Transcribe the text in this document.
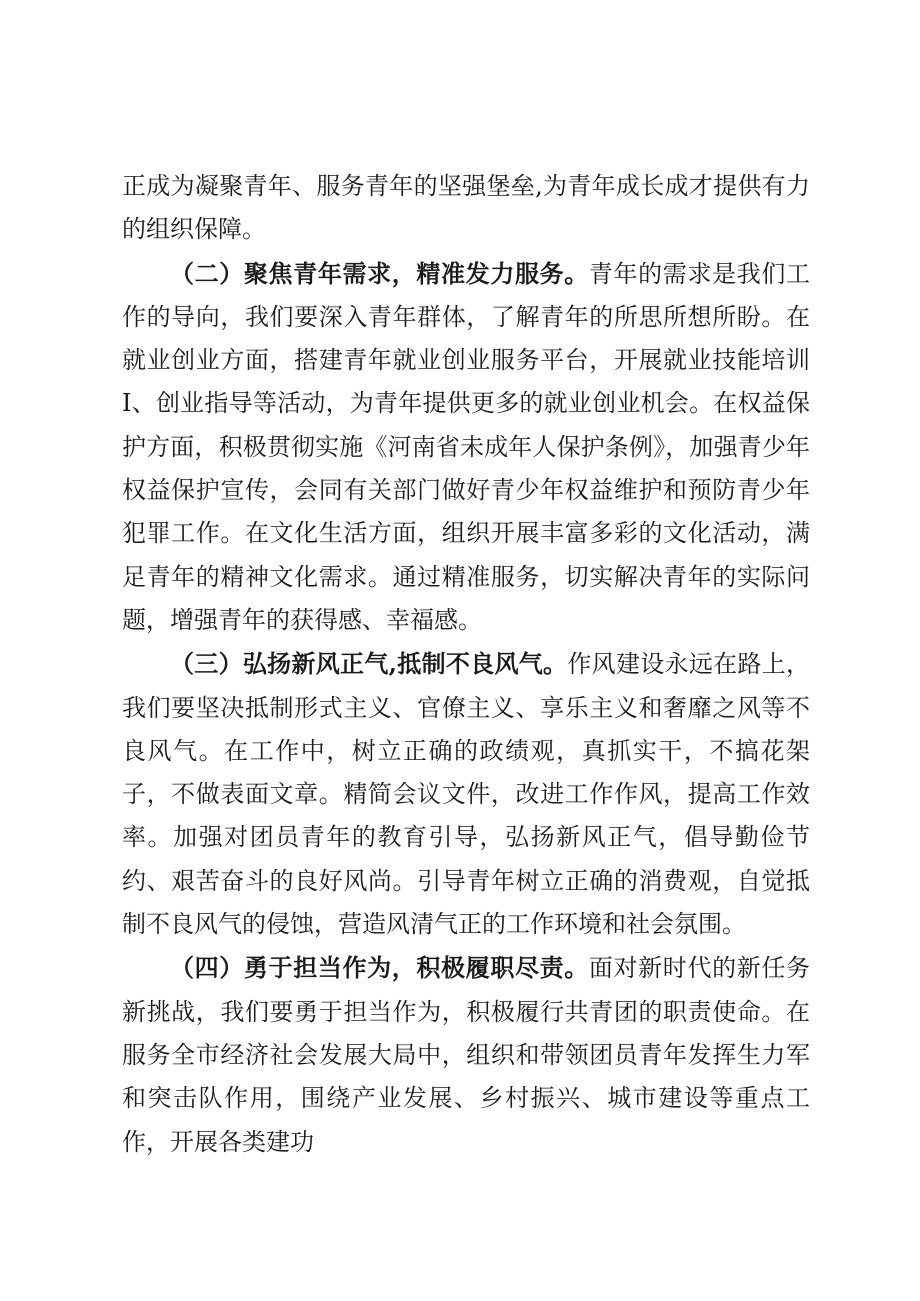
正成为凝聚青年、服务青年的坚强堡垒,为青年成长成才提供有力的组织保障。

（二）聚焦青年需求，精准发力服务。青年的需求是我们工作的导向，我们要深入青年群体，了解青年的所思所想所盼。在就业创业方面，搭建青年就业创业服务平台，开展就业技能培训I、创业指导等活动，为青年提供更多的就业创业机会。在权益保护方面，积极贯彻实施《河南省未成年人保护条例》，加强青少年权益保护宣传，会同有关部门做好青少年权益维护和预防青少年犯罪工作。在文化生活方面，组织开展丰富多彩的文化活动，满足青年的精神文化需求。通过精准服务，切实解决青年的实际问题，增强青年的获得感、幸福感。

（三）弘扬新风正气,抵制不良风气。作风建设永远在路上，我们要坚决抵制形式主义、官僚主义、享乐主义和奢靡之风等不良风气。在工作中，树立正确的政绩观，真抓实干，不搞花架子，不做表面文章。精简会议文件，改进工作作风，提高工作效率。加强对团员青年的教育引导，弘扬新风正气，倡导勤俭节约、艰苦奋斗的良好风尚。引导青年树立正确的消费观，自觉抵制不良风气的侵蚀，营造风清气正的工作环境和社会氛围。

（四）勇于担当作为，积极履职尽责。面对新时代的新任务新挑战，我们要勇于担当作为，积极履行共青团的职责使命。在服务全市经济社会发展大局中，组织和带领团员青年发挥生力军和突击队作用，围绕产业发展、乡村振兴、城市建设等重点工作，开展各类建功
